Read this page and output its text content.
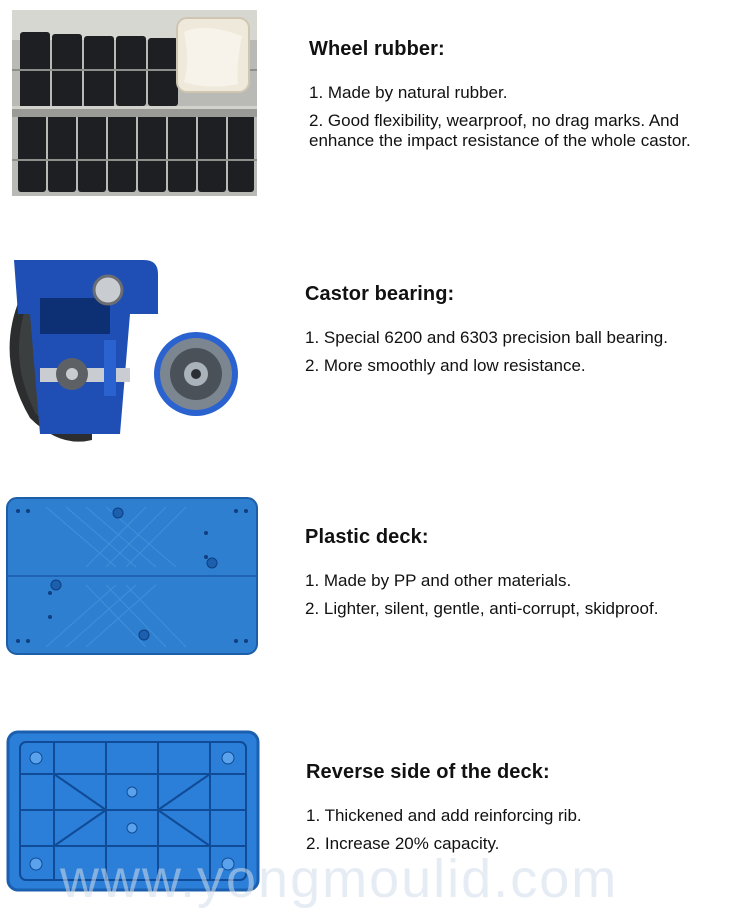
Wheel rubber:
1. Made by natural rubber.
2. Good flexibility, wearproof, no drag marks. And enhance the impact resistance of the whole castor.
Castor bearing:
1. Special 6200 and 6303 precision ball bearing.
2. More smoothly and low resistance.
Plastic deck:
1. Made by PP and other materials.
2. Lighter, silent, gentle, anti-corrupt, skidproof.
Reverse side of the deck:
1. Thickened and add reinforcing rib.
2. Increase 20% capacity.
www.yongmoulid.com
